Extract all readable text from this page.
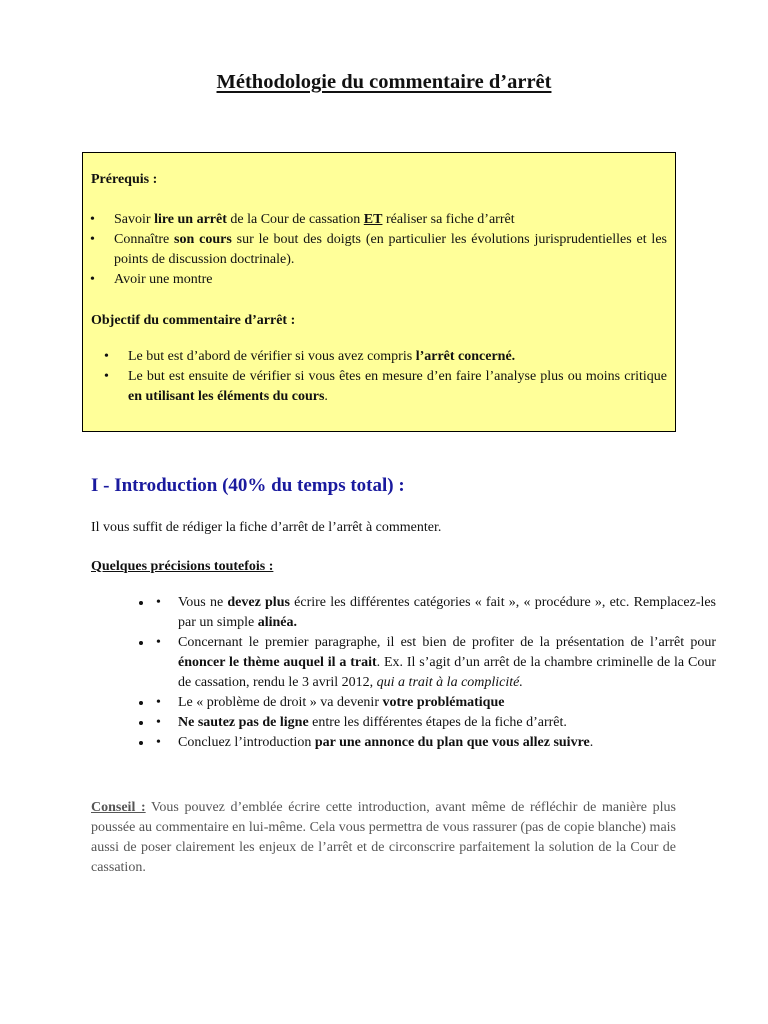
Méthodologie du commentaire d’arrêt
Prérequis :
• Savoir lire un arrêt de la Cour de cassation ET réaliser sa fiche d’arrêt
• Connaître son cours sur le bout des doigts (en particulier les évolutions jurisprudentielles et les points de discussion doctrinale).
• Avoir une montre
Objectif du commentaire d’arrêt :
• Le but est d’abord de vérifier si vous avez compris l’arrêt concerné.
• Le but est ensuite de vérifier si vous êtes en mesure d’en faire l’analyse plus ou moins critique en utilisant les éléments du cours.
I - Introduction (40% du temps total) :
Il vous suffit de rédiger la fiche d’arrêt de l’arrêt à commenter.
Quelques précisions toutefois :
• • Vous ne devez plus écrire les différentes catégories « fait », « procédure », etc. Remplacez-les par un simple alinéa.
• • Concernant le premier paragraphe, il est bien de profiter de la présentation de l’arrêt pour énoncer le thème auquel il a trait. Ex. Il s’agit d’un arrêt de la chambre criminelle de la Cour de cassation, rendu le 3 avril 2012, qui a trait à la complicité.
• • Le « problème de droit » va devenir votre problématique
• • Ne sautez pas de ligne entre les différentes étapes de la fiche d’arrêt.
• • Concluez l’introduction par une annonce du plan que vous allez suivre.
Conseil : Vous pouvez d’emblée écrire cette introduction, avant même de réfléchir de manière plus poussée au commentaire en lui-même. Cela vous permettra de vous rassurer (pas de copie blanche) mais aussi de poser clairement les enjeux de l’arrêt et de circonscrire parfaitement la solution de la Cour de cassation.
